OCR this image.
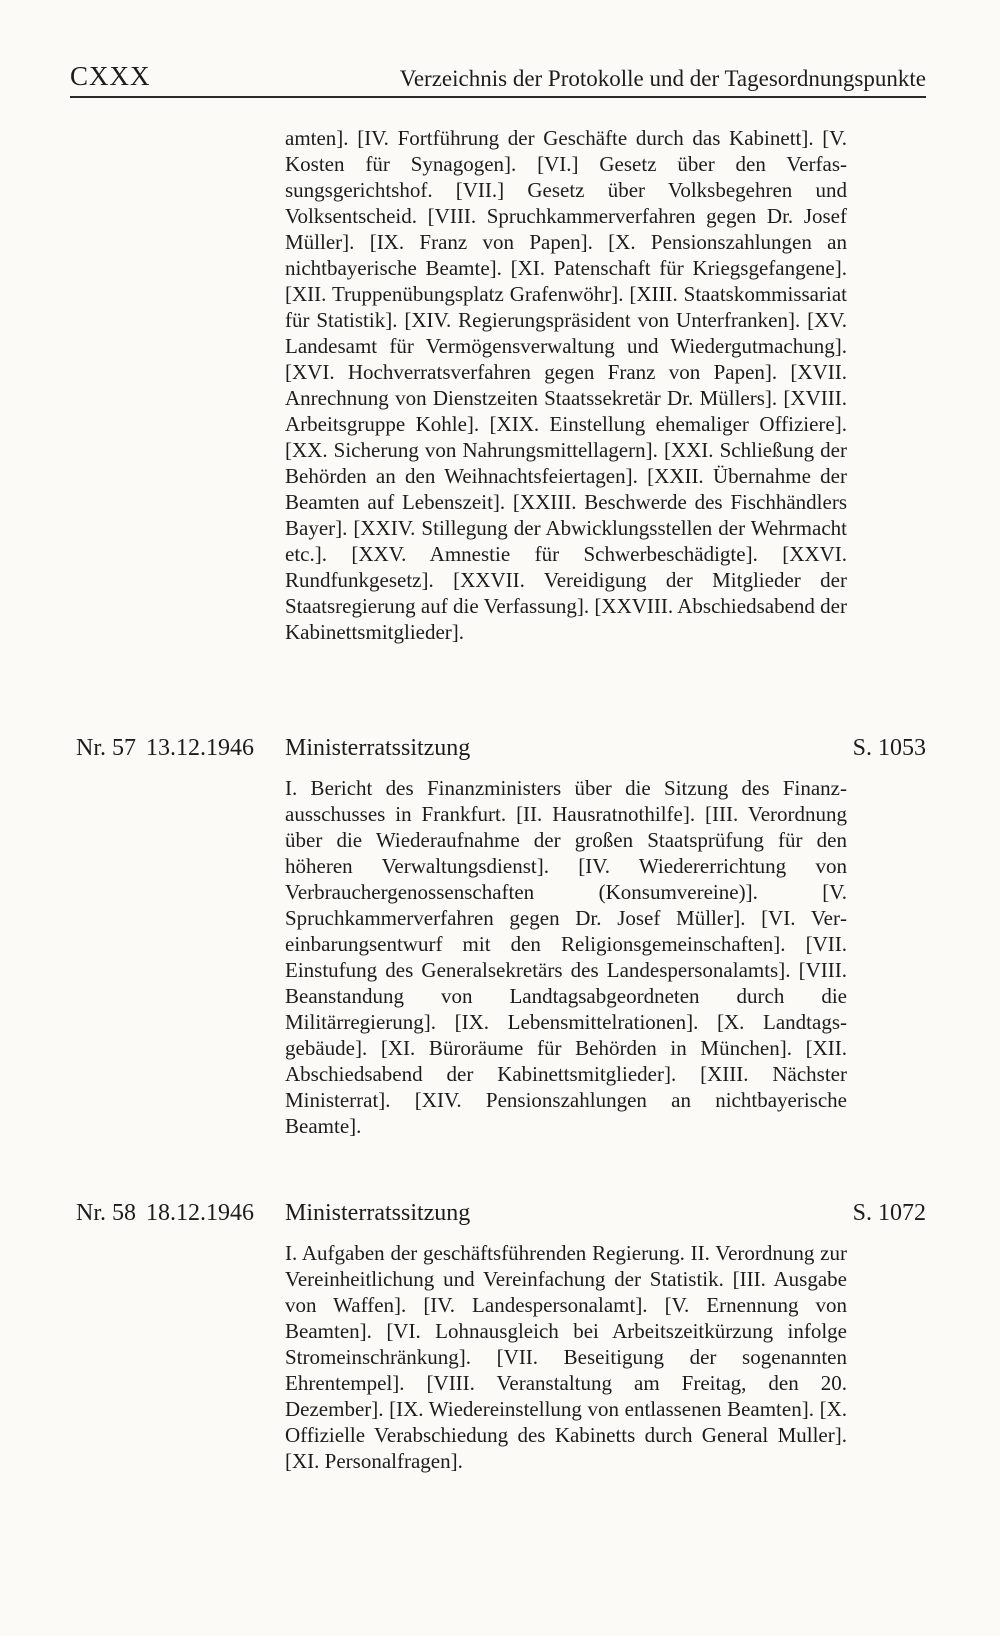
CXXX	Verzeichnis der Protokolle und der Tagesordnungspunkte
amten]. [IV. Fortführung der Geschäfte durch das Kabinett]. [V. Kosten für Synagogen]. [VI.] Gesetz über den Verfassungsgerichtshof. [VII.] Gesetz über Volksbegehren und Volksentscheid. [VIII. Spruchkammerverfahren gegen Dr. Josef Müller]. [IX. Franz von Papen]. [X. Pensionszahlungen an nichtbayerische Beamte]. [XI. Patenschaft für Kriegsgefangene]. [XII. Truppenübungsplatz Grafenwöhr]. [XIII. Staatskommissariat für Statistik]. [XIV. Regierungspräsident von Unterfranken]. [XV. Landesamt für Vermögensverwaltung und Wiedergutmachung]. [XVI. Hochverratsverfahren gegen Franz von Papen]. [XVII. Anrechnung von Dienstzeiten Staatssekretär Dr. Müllers]. [XVIII. Arbeitsgruppe Kohle]. [XIX. Einstellung ehemaliger Offiziere]. [XX. Sicherung von Nahrungsmittellagern]. [XXI. Schließung der Behörden an den Weihnachtsfeiertagen]. [XXII. Übernahme der Beamten auf Lebenszeit]. [XXIII. Beschwerde des Fischhändlers Bayer]. [XXIV. Stillegung der Abwicklungsstellen der Wehrmacht etc.]. [XXV. Amnestie für Schwerbeschädigte]. [XXVI. Rundfunkgesetz]. [XXVII. Vereidigung der Mitglieder der Staatsregierung auf die Verfassung]. [XXVIII. Abschiedsabend der Kabinettsmitglieder].
Nr. 57 13.12.1946	Ministerratssitzung	S. 1053
I. Bericht des Finanzministers über die Sitzung des Finanzausschusses in Frankfurt. [II. Hausratnothilfe]. [III. Verordnung über die Wiederaufnahme der großen Staatsprüfung für den höheren Verwaltungsdienst]. [IV. Wiedererrichtung von Verbrauchergenossenschaften (Konsumvereine)]. [V. Spruchkammerverfahren gegen Dr. Josef Müller]. [VI. Vereinbarungsentwurf mit den Religionsgemeinschaften]. [VII. Einstufung des Generalsekretärs des Landespersonalamts]. [VIII. Beanstandung von Landtagsabgeordneten durch die Militärregierung]. [IX. Lebensmittelrationen]. [X. Landtagsgebäude]. [XI. Büroräume für Behörden in München]. [XII. Abschiedsabend der Kabinettsmitglieder]. [XIII. Nächster Ministerrat]. [XIV. Pensionszahlungen an nichtbayerische Beamte].
Nr. 58 18.12.1946	Ministerratssitzung	S. 1072
I. Aufgaben der geschäftsführenden Regierung. II. Verordnung zur Vereinheitlichung und Vereinfachung der Statistik. [III. Ausgabe von Waffen]. [IV. Landespersonalamt]. [V. Ernennung von Beamten]. [VI. Lohnausgleich bei Arbeitszeitkürzung infolge Stromeinschränkung]. [VII. Beseitigung der sogenannten Ehrentempel]. [VIII. Veranstaltung am Freitag, den 20. Dezember]. [IX. Wiedereinstellung von entlassenen Beamten]. [X. Offizielle Verabschiedung des Kabinetts durch General Muller]. [XI. Personalfragen].
